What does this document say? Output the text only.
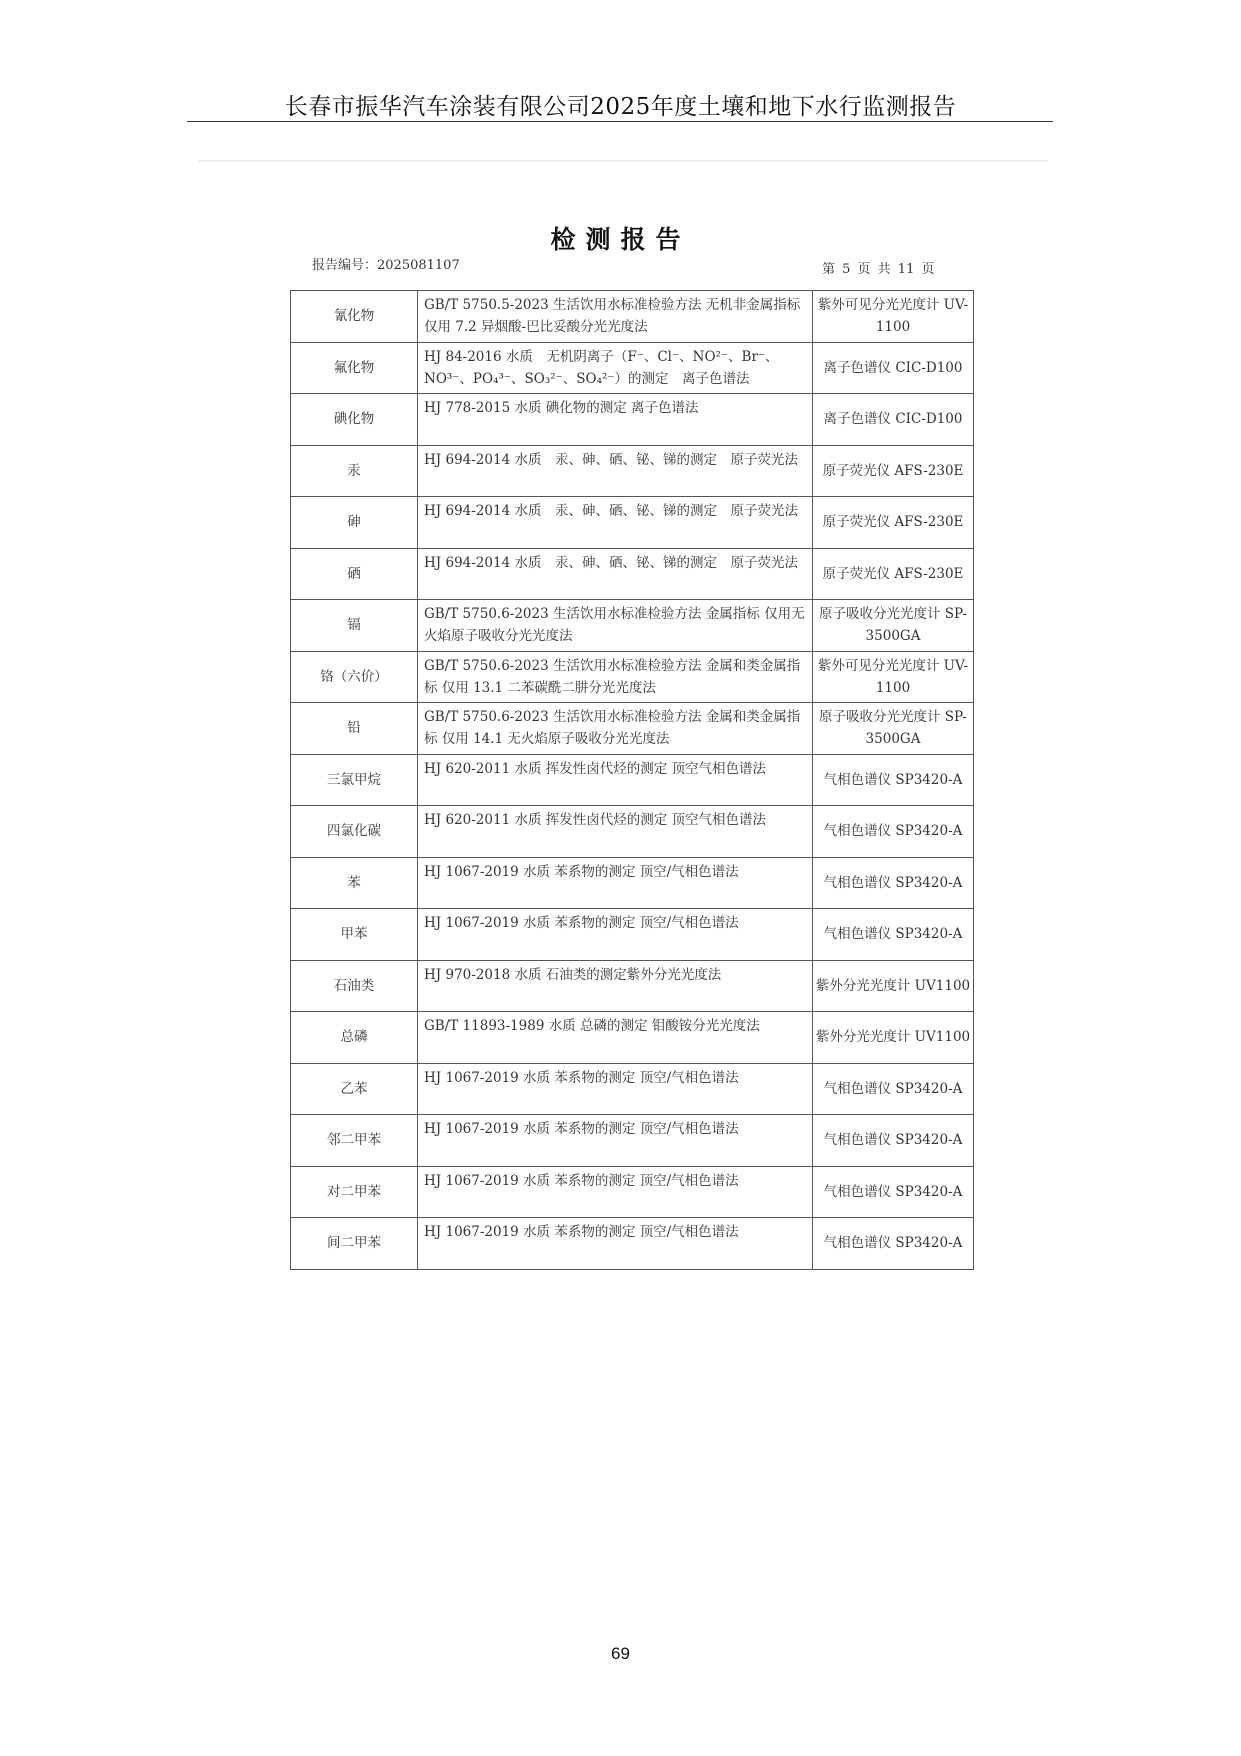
长春市振华汽车涂装有限公司2025年度土壤和地下水行监测报告
检测报告
报告编号：2025081107	第 5 页 共 11 页
氰化物	GB/T 5750.5-2023 生活饮用水标准检验方法 无机非金属指标 仅用 7.2 异烟酸-巴比妥酸分光光度法	紫外可见分光光度计 UV-1100
氟化物	HJ 84-2016 水质　无机阴离子（F⁻、Cl⁻、NO²⁻、Br⁻、NO³⁻、PO₄³⁻、SO₃²⁻、SO₄²⁻）的测定　离子色谱法	离子色谱仪 CIC-D100
碘化物	HJ 778-2015 水质 碘化物的测定 离子色谱法	离子色谱仪 CIC-D100
汞	HJ 694-2014 水质　汞、砷、硒、铋、锑的测定　原子荧光法	原子荧光仪 AFS-230E
砷	HJ 694-2014 水质　汞、砷、硒、铋、锑的测定　原子荧光法	原子荧光仪 AFS-230E
硒	HJ 694-2014 水质　汞、砷、硒、铋、锑的测定　原子荧光法	原子荧光仪 AFS-230E
镉	GB/T 5750.6-2023 生活饮用水标准检验方法 金属指标 仅用无火焰原子吸收分光光度法	原子吸收分光光度计 SP-3500GA
铬（六价）	GB/T 5750.6-2023 生活饮用水标准检验方法 金属和类金属指标 仅用 13.1 二苯碳酰二肼分光光度法	紫外可见分光光度计 UV-1100
铅	GB/T 5750.6-2023 生活饮用水标准检验方法 金属和类金属指标 仅用 14.1 无火焰原子吸收分光光度法	原子吸收分光光度计 SP-3500GA
三氯甲烷	HJ 620-2011 水质 挥发性卤代烃的测定 顶空气相色谱法	气相色谱仪 SP3420-A
四氯化碳	HJ 620-2011 水质 挥发性卤代烃的测定 顶空气相色谱法	气相色谱仪 SP3420-A
苯	HJ 1067-2019 水质 苯系物的测定 顶空/气相色谱法	气相色谱仪 SP3420-A
甲苯	HJ 1067-2019 水质 苯系物的测定 顶空/气相色谱法	气相色谱仪 SP3420-A
石油类	HJ 970-2018 水质 石油类的测定紫外分光光度法	紫外分光光度计 UV1100
总磷	GB/T 11893-1989 水质 总磷的测定 钼酸铵分光光度法	紫外分光光度计 UV1100
乙苯	HJ 1067-2019 水质 苯系物的测定 顶空/气相色谱法	气相色谱仪 SP3420-A
邻二甲苯	HJ 1067-2019 水质 苯系物的测定 顶空/气相色谱法	气相色谱仪 SP3420-A
对二甲苯	HJ 1067-2019 水质 苯系物的测定 顶空/气相色谱法	气相色谱仪 SP3420-A
间二甲苯	HJ 1067-2019 水质 苯系物的测定 顶空/气相色谱法	气相色谱仪 SP3420-A
69
